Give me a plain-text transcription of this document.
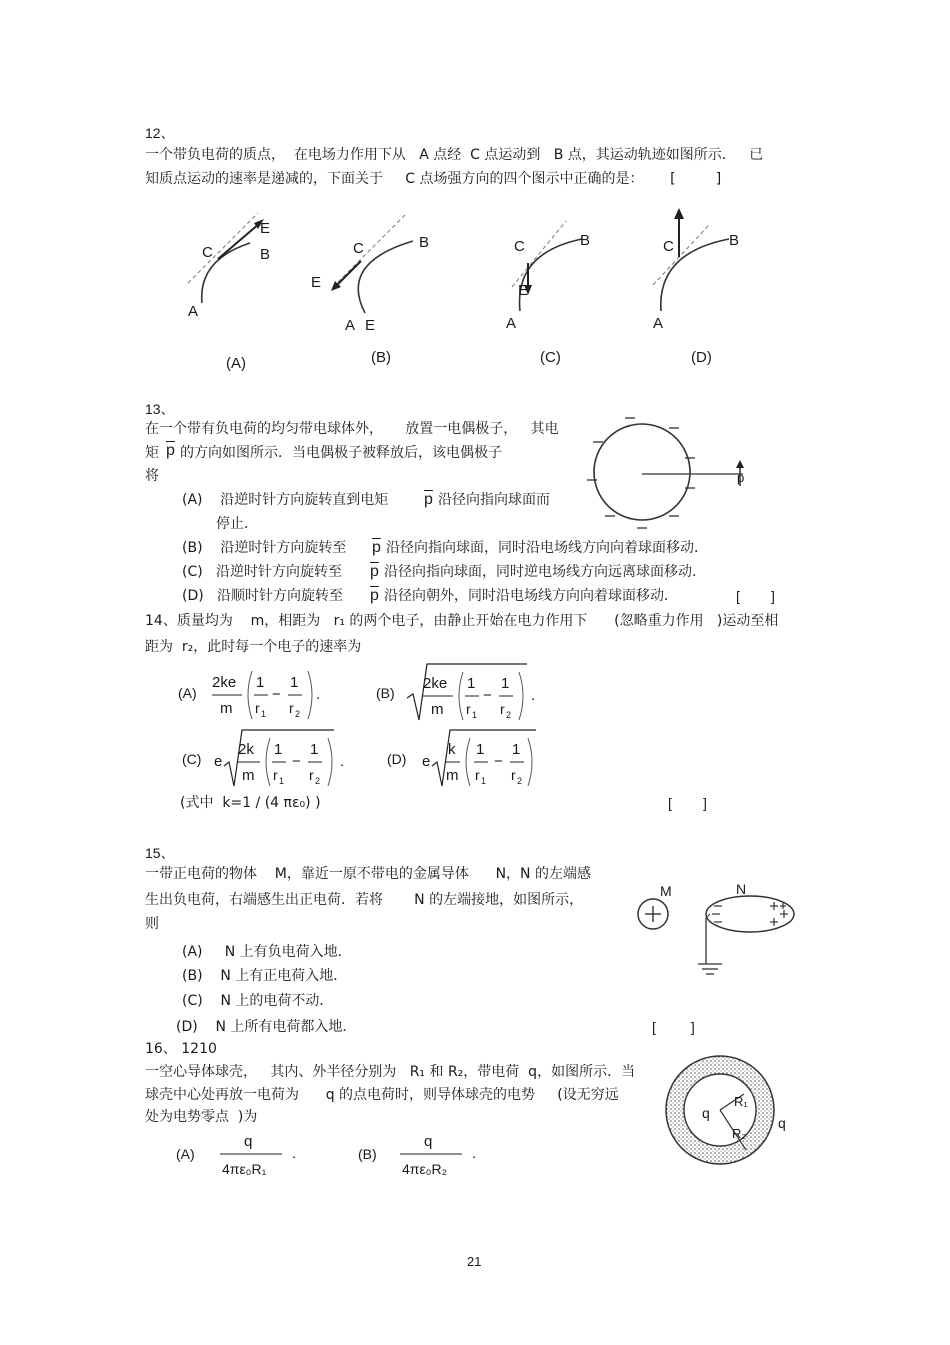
12、
一个带负电荷的质点，  在电场力作用下从   A 点经  C 点运动到   B 点，其运动轨迹如图所示．   已
知质点运动的速率是递减的，下面关于     C 点场强方向的四个图示中正确的是：      [         ]
E
C	B
A
(A)
C	B
E
A E
(B)
C	B
E
A
(C)
C	B
A
(D)
13、
在一个带有负电荷的均匀带电球体外，     放置一电偶极子，   其电
矩 $\overline{p}$ 的方向如图所示．当电偶极子被释放后，该电偶极子
将
(A)    沿逆时针方向旋转直到电矩 $\overline{p}$ 沿径向指向球面而
停止．
(B)    沿逆时针方向旋转至 $\overline{p}$ 沿径向指向球面，同时沿电场线方向向着球面移动．
(C)   沿逆时针方向旋转至 $\overline{p}$ 沿径向指向球面，同时逆电场线方向远离球面移动．
(D)   沿顺时针方向旋转至 $\overline{p}$ 沿径向朝外，同时沿电场线方向向着球面移动．	[        ]
p
14、质量均为    m，相距为   r₁ 的两个电子，由静止开始在电力作用下      (忽略重力作用   )运动至相
距为  r₂，此时每一个电子的速率为
(A)
2ke
m
1
r 1
−
1
r 2
.	(B)
2ke
m
1
r 1
−
1
r 2
.
(C) e
2k
m
1
r 1
−
1
r 2
.	(D) e
k
m
1
r 1
−
1
r 2
(式中  k=1 / (4 πε₀) )	[        ]
15、
一带正电荷的物体    M，靠近一原不带电的金属导体      N，N 的左端感
生出负电荷，右端感生出正电荷．若将       N 的左端接地，如图所示，
则
(A)     N 上有负电荷入地．
(B)    N 上有正电荷入地．
(C)    N 上的电荷不动．
(D)    N 上所有电荷都入地．	[         ]
M	N
16、 1210
一空心导体球壳，   其内、外半径分别为   R₁ 和 R₂，带电荷  q，如图所示．当
球壳中心处再放一电荷为      q 的点电荷时，则导体球壳的电势     (设无穷远
处为电势零点  )为
(A)
q
4πε₀R₁
.	(B)
q
4πε₀R₂
.
q
R₁
R₂
q
21
